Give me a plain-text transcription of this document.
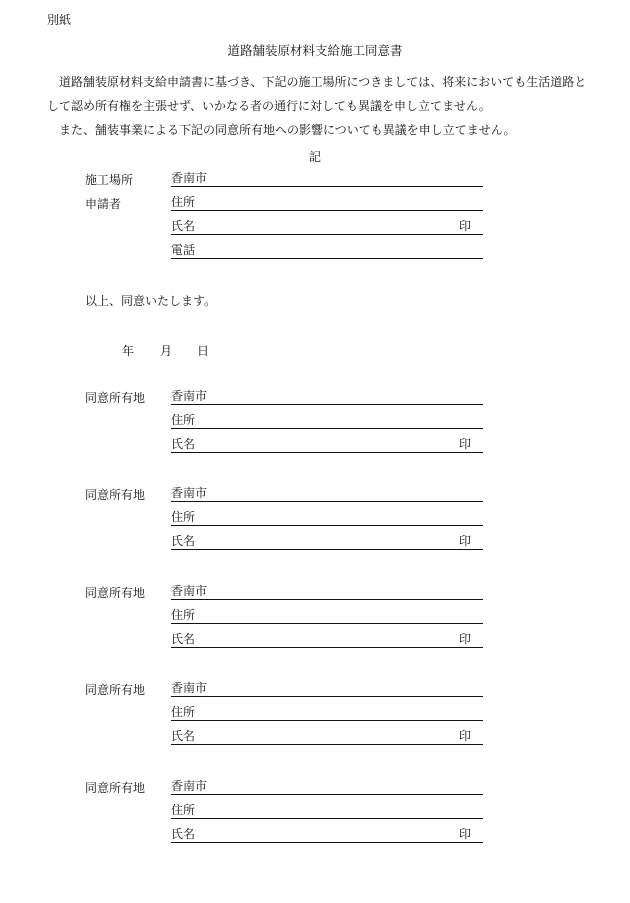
別紙
道路舗装原材料支給施工同意書
道路舗装原材料支給申請書に基づき、下記の施工場所につきましては、将来においても生活道路として認め所有権を主張せず、いかなる者の通行に対しても異議を申し立てません。
また、舗装事業による下記の同意所有地への影響についても異議を申し立てません。
記
施工場所	香南市
申請者	住所
氏名	印
電話
以上、同意いたします。
年 月 日
同意所有地 香南市
住所
氏名	印
同意所有地 香南市
住所
氏名	印
同意所有地 香南市
住所
氏名	印
同意所有地 香南市
住所
氏名	印
同意所有地 香南市
住所
氏名	印
